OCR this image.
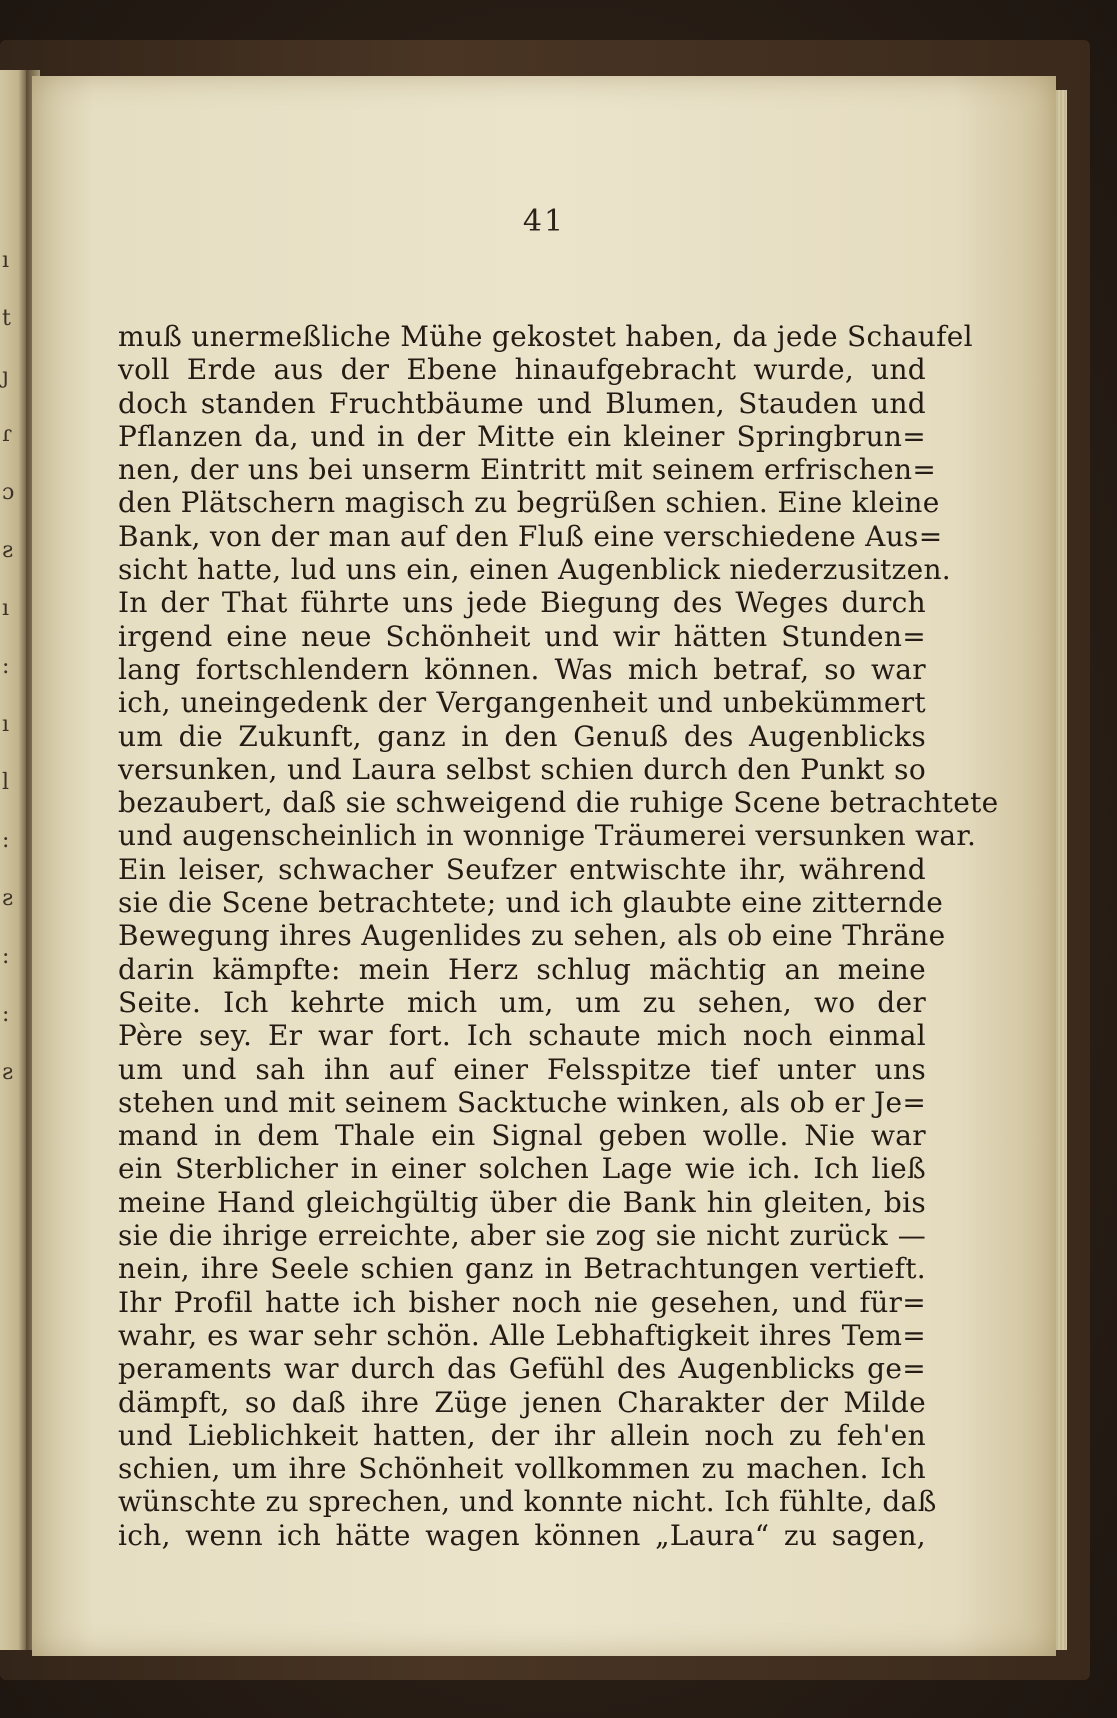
ı
t
ȷ
ɾ
ɔ
ƨ
ı
:
ı
l
:
ƨ
:
:
ƨ
41
muß unermeßliche Mühe gekostet haben, da jede Schaufel
voll Erde aus der Ebene hinaufgebracht wurde, und
doch standen Fruchtbäume und Blumen, Stauden und
Pflanzen da, und in der Mitte ein kleiner Springbrun=
nen, der uns bei unserm Eintritt mit seinem erfrischen=
den Plätschern magisch zu begrüßen schien. Eine kleine
Bank, von der man auf den Fluß eine verschiedene Aus=
sicht hatte, lud uns ein, einen Augenblick niederzusitzen.
In der That führte uns jede Biegung des Weges durch
irgend eine neue Schönheit und wir hätten Stunden=
lang fortschlendern können. Was mich betraf, so war
ich, uneingedenk der Vergangenheit und unbekümmert
um die Zukunft, ganz in den Genuß des Augenblicks
versunken, und Laura selbst schien durch den Punkt so
bezaubert, daß sie schweigend die ruhige Scene betrachtete
und augenscheinlich in wonnige Träumerei versunken war.
Ein leiser, schwacher Seufzer entwischte ihr, während
sie die Scene betrachtete; und ich glaubte eine zitternde
Bewegung ihres Augenlides zu sehen, als ob eine Thräne
darin kämpfte: mein Herz schlug mächtig an meine
Seite. Ich kehrte mich um, um zu sehen, wo der
Père sey. Er war fort. Ich schaute mich noch einmal
um und sah ihn auf einer Felsspitze tief unter uns
stehen und mit seinem Sacktuche winken, als ob er Je=
mand in dem Thale ein Signal geben wolle. Nie war
ein Sterblicher in einer solchen Lage wie ich. Ich ließ
meine Hand gleichgültig über die Bank hin gleiten, bis
sie die ihrige erreichte, aber sie zog sie nicht zurück —
nein, ihre Seele schien ganz in Betrachtungen vertieft.
Ihr Profil hatte ich bisher noch nie gesehen, und für=
wahr, es war sehr schön. Alle Lebhaftigkeit ihres Tem=
peraments war durch das Gefühl des Augenblicks ge=
dämpft, so daß ihre Züge jenen Charakter der Milde
und Lieblichkeit hatten, der ihr allein noch zu feh'en
schien, um ihre Schönheit vollkommen zu machen. Ich
wünschte zu sprechen, und konnte nicht. Ich fühlte, daß
ich, wenn ich hätte wagen können „Laura“ zu sagen,
